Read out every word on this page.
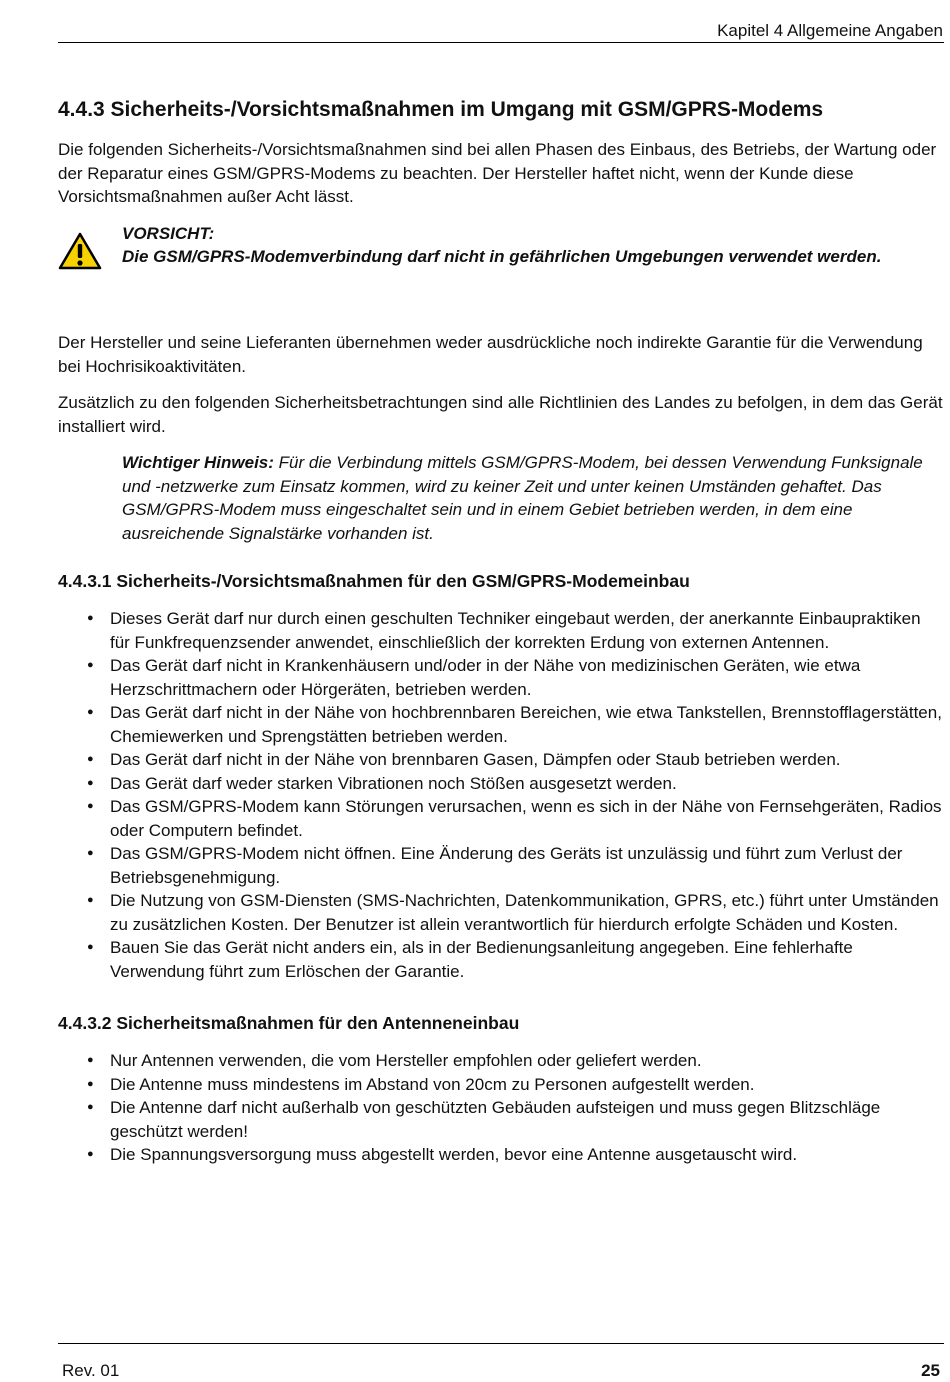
Kapitel 4 Allgemeine Angaben
4.4.3 Sicherheits-/Vorsichtsmaßnahmen im Umgang mit GSM/GPRS-Modems

Die folgenden Sicherheits-/Vorsichtsmaßnahmen sind bei allen Phasen des Einbaus, des Betriebs, der Wartung oder der Reparatur eines GSM/GPRS-Modems zu beachten. Der Hersteller haftet nicht, wenn der Kunde diese Vorsichtsmaßnahmen außer Acht lässt.

VORSICHT:
Die GSM/GPRS-Modemverbindung darf nicht in gefährlichen Umgebungen verwendet werden.

Der Hersteller und seine Lieferanten übernehmen weder ausdrückliche noch indirekte Garantie für die Verwendung bei Hochrisikoaktivitäten.

Zusätzlich zu den folgenden Sicherheitsbetrachtungen sind alle Richtlinien des Landes zu befolgen, in dem das Gerät installiert wird.

Wichtiger Hinweis: Für die Verbindung mittels GSM/GPRS-Modem, bei dessen Verwendung Funksignale und -netzwerke zum Einsatz kommen, wird zu keiner Zeit und unter keinen Umständen gehaftet. Das GSM/GPRS-Modem muss eingeschaltet sein und in einem Gebiet betrieben werden, in dem eine ausreichende Signalstärke vorhanden ist.
4.4.3.1 Sicherheits-/Vorsichtsmaßnahmen für den GSM/GPRS-Modemeinbau
● Dieses Gerät darf nur durch einen geschulten Techniker eingebaut werden, der anerkannte Einbaupraktiken für Funkfrequenzsender anwendet, einschließlich der korrekten Erdung von externen Antennen.
● Das Gerät darf nicht in Krankenhäusern und/oder in der Nähe von medizinischen Geräten, wie etwa Herzschrittmachern oder Hörgeräten, betrieben werden.
● Das Gerät darf nicht in der Nähe von hochbrennbaren Bereichen, wie etwa Tankstellen, Brennstofflagerstätten, Chemiewerken und Sprengstätten betrieben werden.
● Das Gerät darf nicht in der Nähe von brennbaren Gasen, Dämpfen oder Staub betrieben werden.
● Das Gerät darf weder starken Vibrationen noch Stößen ausgesetzt werden.
● Das GSM/GPRS-Modem kann Störungen verursachen, wenn es sich in der Nähe von Fernsehgeräten, Radios oder Computern befindet.
● Das GSM/GPRS-Modem nicht öffnen. Eine Änderung des Geräts ist unzulässig und führt zum Verlust der Betriebsgenehmigung.
● Die Nutzung von GSM-Diensten (SMS-Nachrichten, Datenkommunikation, GPRS, etc.) führt unter Umständen zu zusätzlichen Kosten. Der Benutzer ist allein verantwortlich für hierdurch erfolgte Schäden und Kosten.
● Bauen Sie das Gerät nicht anders ein, als in der Bedienungsanleitung angegeben. Eine fehlerhafte Verwendung führt zum Erlöschen der Garantie.
4.4.3.2 Sicherheitsmaßnahmen für den Antenneneinbau
● Nur Antennen verwenden, die vom Hersteller empfohlen oder geliefert werden.
● Die Antenne muss mindestens im Abstand von 20cm zu Personen aufgestellt werden.
● Die Antenne darf nicht außerhalb von geschützten Gebäuden aufsteigen und muss gegen Blitzschläge geschützt werden!
● Die Spannungsversorgung muss abgestellt werden, bevor eine Antenne ausgetauscht wird.
Rev. 01	25
